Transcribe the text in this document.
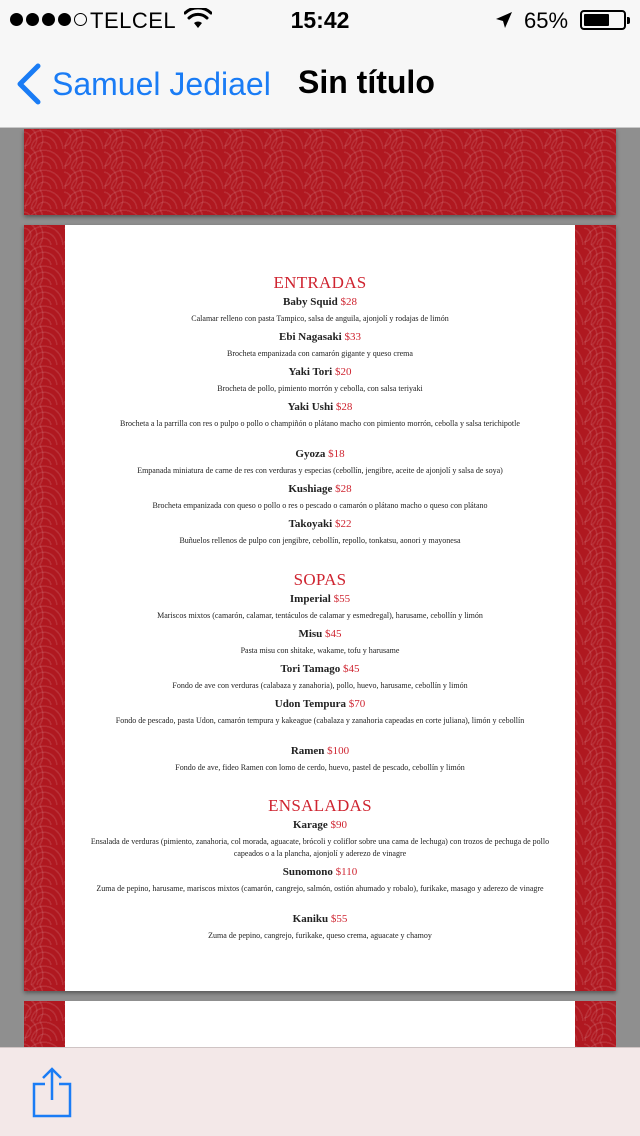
TELCEL	15:42	65%
Samuel Jediael Sin título
ENTRADAS
Baby Squid $28
Calamar relleno con pasta Tampico, salsa de anguila, ajonjolí y rodajas de limón
Ebi Nagasaki $33
Brocheta empanizada con camarón gigante y queso crema
Yaki Tori $20
Brocheta de pollo, pimiento morrón y cebolla, con salsa teriyaki
Yaki Ushi $28
Brocheta a la parrilla con res o pulpo o pollo o champiñón o plátano macho con pimiento morrón, cebolla y salsa terichipotle
Gyoza $18
Empanada miniatura de carne de res con verduras y especias (cebollín, jengibre, aceite de ajonjolí y salsa de soya)
Kushiage $28
Brocheta empanizada con queso o pollo o res o pescado o camarón o plátano macho o queso con plátano
Takoyaki $22
Buñuelos rellenos de pulpo con jengibre, cebollín, repollo, tonkatsu, aonori y mayonesa
SOPAS
Imperial $55
Mariscos mixtos (camarón, calamar, tentáculos de calamar y esmedregal), harusame, cebollín y limón
Misu $45
Pasta misu con shitake, wakame, tofu y harusame
Tori Tamago $45
Fondo de ave con verduras (calabaza y zanahoria), pollo, huevo, harusame, cebollín y limón
Udon Tempura $70
Fondo de pescado, pasta Udon, camarón tempura y kakeague (cabalaza y zanahoria capeadas en corte juliana), limón y cebollín
Ramen $100
Fondo de ave, fideo Ramen con lomo de cerdo, huevo, pastel de pescado, cebollín y limón
ENSALADAS
Karage $90
Ensalada de verduras (pimiento, zanahoria, col morada, aguacate, brócoli y coliflor sobre una cama de lechuga) con trozos de pechuga de pollo capeados o a la plancha, ajonjolí y aderezo de vinagre
Sunomono $110
Zuma de pepino, harusame, mariscos mixtos (camarón, cangrejo, salmón, ostión ahumado y robalo), furikake, masago y aderezo de vinagre
Kaniku $55
Zuma de pepino, cangrejo, furikake, queso crema, aguacate y chamoy
